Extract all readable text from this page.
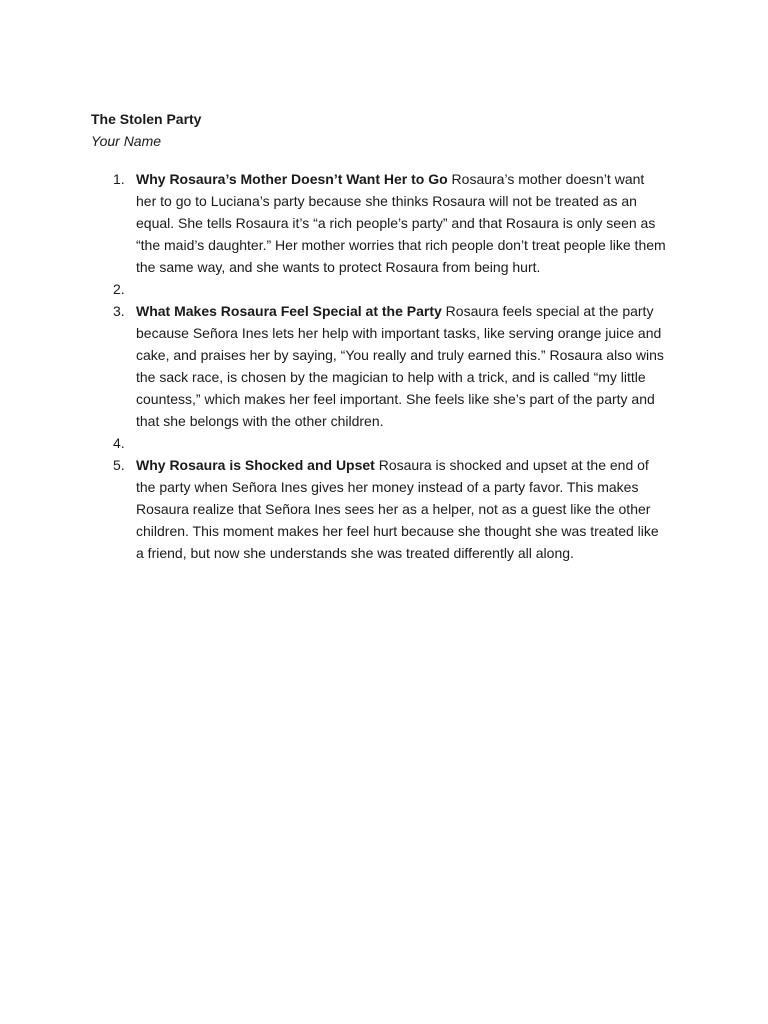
The Stolen Party

Your Name

1. Why Rosaura’s Mother Doesn’t Want Her to Go Rosaura’s mother doesn’t want her to go to Luciana’s party because she thinks Rosaura will not be treated as an equal. She tells Rosaura it’s “a rich people’s party” and that Rosaura is only seen as “the maid’s daughter.” Her mother worries that rich people don’t treat people like them the same way, and she wants to protect Rosaura from being hurt.
2.
3. What Makes Rosaura Feel Special at the Party Rosaura feels special at the party because Señora Ines lets her help with important tasks, like serving orange juice and cake, and praises her by saying, “You really and truly earned this.” Rosaura also wins the sack race, is chosen by the magician to help with a trick, and is called “my little countess,” which makes her feel important. She feels like she’s part of the party and that she belongs with the other children.
4.
5. Why Rosaura is Shocked and Upset Rosaura is shocked and upset at the end of the party when Señora Ines gives her money instead of a party favor. This makes Rosaura realize that Señora Ines sees her as a helper, not as a guest like the other children. This moment makes her feel hurt because she thought she was treated like a friend, but now she understands she was treated differently all along.
